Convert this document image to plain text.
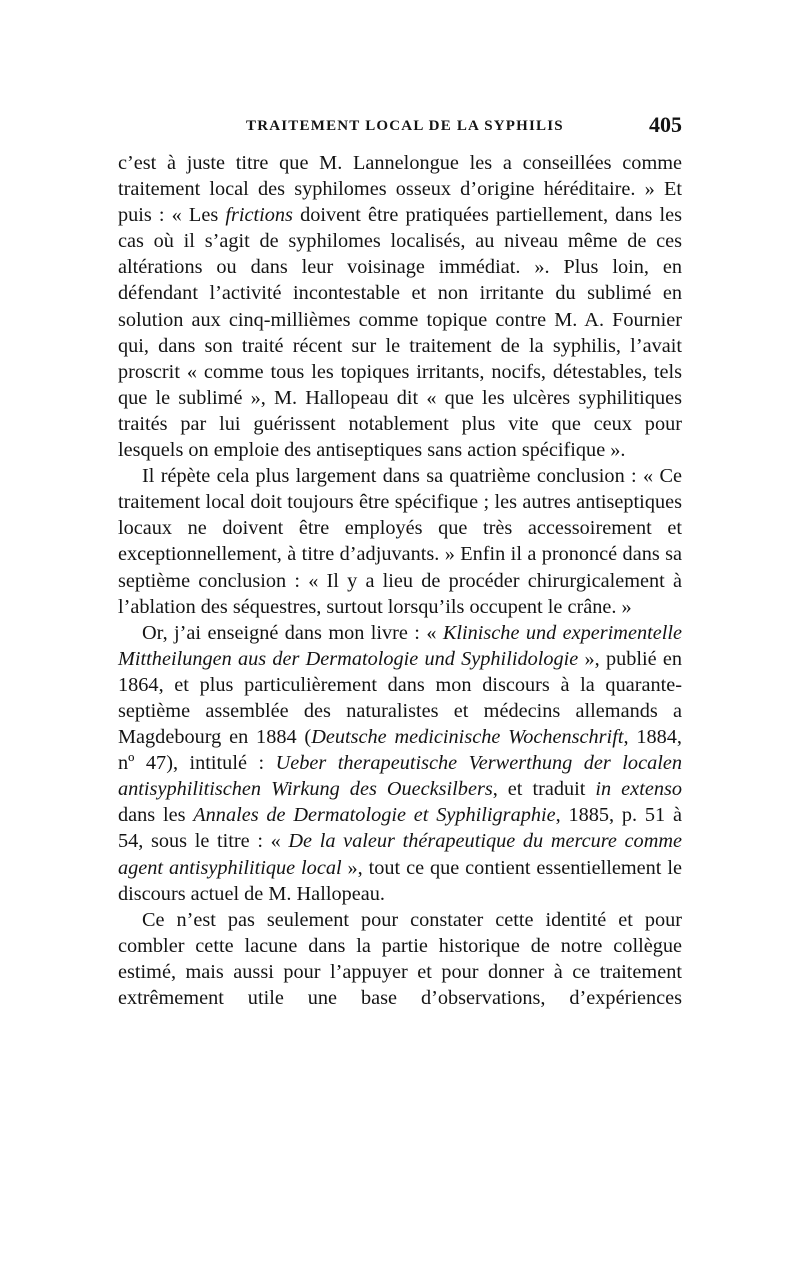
TRAITEMENT LOCAL DE LA SYPHILIS	405

c’est à juste titre que M. Lannelongue les a conseillées comme traitement local des syphilomes osseux d’origine héréditaire. » Et puis : « Les frictions doivent être pratiquées partiellement, dans les cas où il s’agit de syphilomes localisés, au niveau même de ces altérations ou dans leur voisinage immédiat. ». Plus loin, en défendant l’activité incontestable et non irritante du sublimé en solution aux cinq-millièmes comme topique contre M. A. Fournier qui, dans son traité récent sur le traitement de la syphilis, l’avait proscrit « comme tous les topiques irritants, nocifs, détestables, tels que le sublimé », M. Hallopeau dit « que les ulcères syphilitiques traités par lui guérissent notablement plus vite que ceux pour lesquels on emploie des antiseptiques sans action spécifique ».

Il répète cela plus largement dans sa quatrième conclusion : « Ce traitement local doit toujours être spécifique ; les autres antiseptiques locaux ne doivent être employés que très accessoirement et exceptionnellement, à titre d’adjuvants. » Enfin il a prononcé dans sa septième conclusion : « Il y a lieu de procéder chirurgicalement à l’ablation des séquestres, surtout lorsqu’ils occupent le crâne. »

Or, j’ai enseigné dans mon livre : « Klinische und experimentelle Mittheilungen aus der Dermatologie und Syphilidologie », publié en 1864, et plus particulièrement dans mon discours à la quarante-septième assemblée des naturalistes et médecins allemands a Magdebourg en 1884 (Deutsche medicinische Wochenschrift, 1884, nº 47), intitulé : Ueber therapeutische Verwerthung der localen antisyphilitischen Wirkung des Ouecksilbers, et traduit in extenso dans les Annales de Dermatologie et Syphiligraphie, 1885, p. 51 à 54, sous le titre : « De la valeur thérapeutique du mercure comme agent antisyphilitique local », tout ce que contient essentiellement le discours actuel de M. Hallopeau.

Ce n’est pas seulement pour constater cette identité et pour combler cette lacune dans la partie historique de notre collègue estimé, mais aussi pour l’appuyer et pour donner à ce traitement extrêmement utile une base d’observations, d’expériences
